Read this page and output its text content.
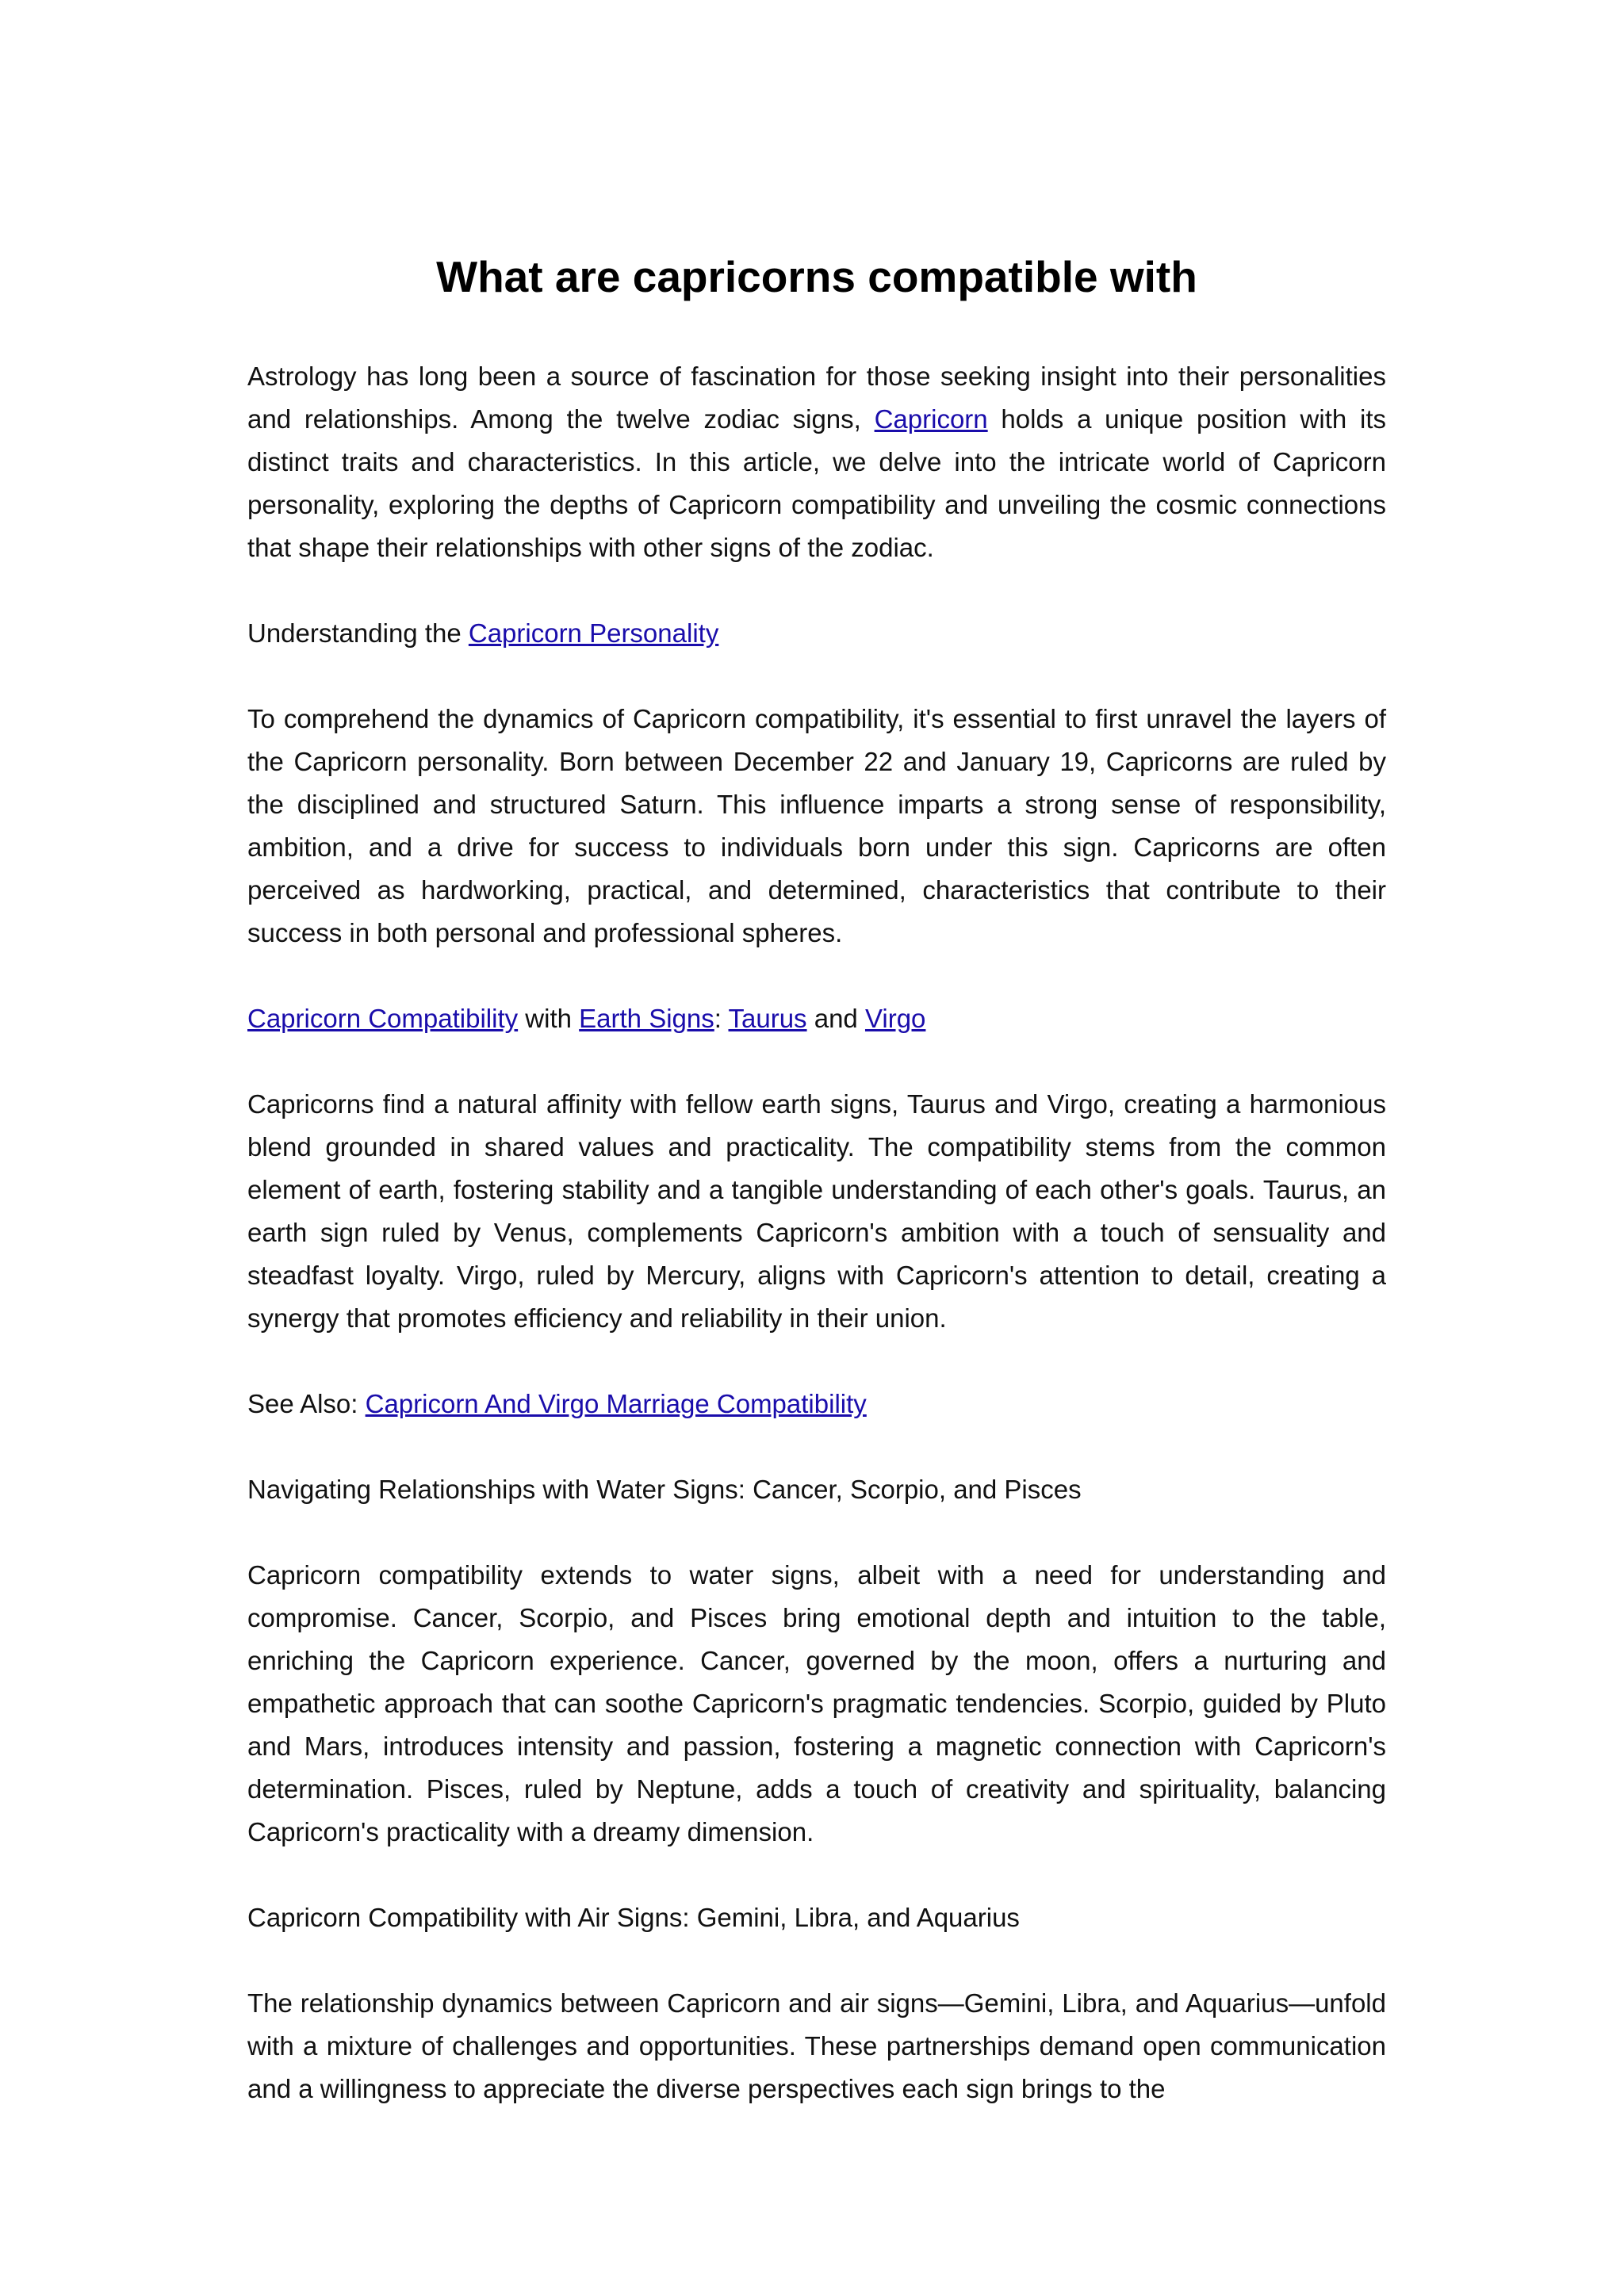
What are capricorns compatible with

Astrology has long been a source of fascination for those seeking insight into their personalities and relationships. Among the twelve zodiac signs, Capricorn holds a unique position with its distinct traits and characteristics. In this article, we delve into the intricate world of Capricorn personality, exploring the depths of Capricorn compatibility and unveiling the cosmic connections that shape their relationships with other signs of the zodiac.

Understanding the Capricorn Personality

To comprehend the dynamics of Capricorn compatibility, it's essential to first unravel the layers of the Capricorn personality. Born between December 22 and January 19, Capricorns are ruled by the disciplined and structured Saturn. This influence imparts a strong sense of responsibility, ambition, and a drive for success to individuals born under this sign. Capricorns are often perceived as hardworking, practical, and determined, characteristics that contribute to their success in both personal and professional spheres.

Capricorn Compatibility with Earth Signs: Taurus and Virgo

Capricorns find a natural affinity with fellow earth signs, Taurus and Virgo, creating a harmonious blend grounded in shared values and practicality. The compatibility stems from the common element of earth, fostering stability and a tangible understanding of each other's goals. Taurus, an earth sign ruled by Venus, complements Capricorn's ambition with a touch of sensuality and steadfast loyalty. Virgo, ruled by Mercury, aligns with Capricorn's attention to detail, creating a synergy that promotes efficiency and reliability in their union.

See Also: Capricorn And Virgo Marriage Compatibility

Navigating Relationships with Water Signs: Cancer, Scorpio, and Pisces

Capricorn compatibility extends to water signs, albeit with a need for understanding and compromise. Cancer, Scorpio, and Pisces bring emotional depth and intuition to the table, enriching the Capricorn experience. Cancer, governed by the moon, offers a nurturing and empathetic approach that can soothe Capricorn's pragmatic tendencies. Scorpio, guided by Pluto and Mars, introduces intensity and passion, fostering a magnetic connection with Capricorn's determination. Pisces, ruled by Neptune, adds a touch of creativity and spirituality, balancing Capricorn's practicality with a dreamy dimension.

Capricorn Compatibility with Air Signs: Gemini, Libra, and Aquarius

The relationship dynamics between Capricorn and air signs—Gemini, Libra, and Aquarius—unfold with a mixture of challenges and opportunities. These partnerships demand open communication and a willingness to appreciate the diverse perspectives each sign brings to the
